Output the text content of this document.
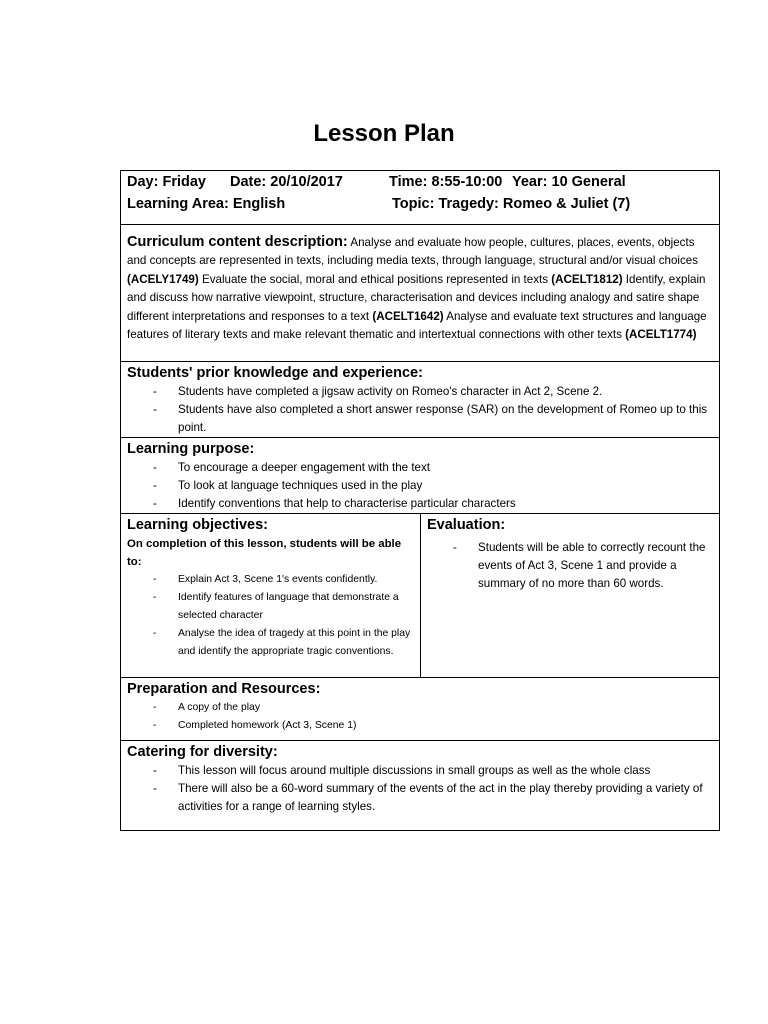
Lesson Plan
Day: Friday Date: 20/10/2017	Time: 8:55-10:00 Year: 10 General
Learning Area: English	Topic: Tragedy: Romeo & Juliet (7)

Curriculum content description: Analyse and evaluate how people, cultures, places, events, objects and concepts are represented in texts, including media texts, through language, structural and/or visual choices (ACELY1749) Evaluate the social, moral and ethical positions represented in texts (ACELT1812) Identify, explain and discuss how narrative viewpoint, structure, characterisation and devices including analogy and satire shape different interpretations and responses to a text (ACELT1642) Analyse and evaluate text structures and language features of literary texts and make relevant thematic and intertextual connections with other texts (ACELT1774)

Students' prior knowledge and experience:
- Students have completed a jigsaw activity on Romeo's character in Act 2, Scene 2.
- Students have also completed a short answer response (SAR) on the development of Romeo up to this point.

Learning purpose:
- To encourage a deeper engagement with the text
- To look at language techniques used in the play
- Identify conventions that help to characterise particular characters

Learning objectives:
On completion of this lesson, students will be able to:
- Explain Act 3, Scene 1's events confidently.
- Identify features of language that demonstrate a selected character
- Analyse the idea of tragedy at this point in the play and identify the appropriate tragic conventions.

Evaluation:
- Students will be able to correctly recount the events of Act 3, Scene 1 and provide a summary of no more than 60 words.

Preparation and Resources:
- A copy of the play
- Completed homework (Act 3, Scene 1)

Catering for diversity:
- This lesson will focus around multiple discussions in small groups as well as the whole class
- There will also be a 60-word summary of the events of the act in the play thereby providing a variety of activities for a range of learning styles.
